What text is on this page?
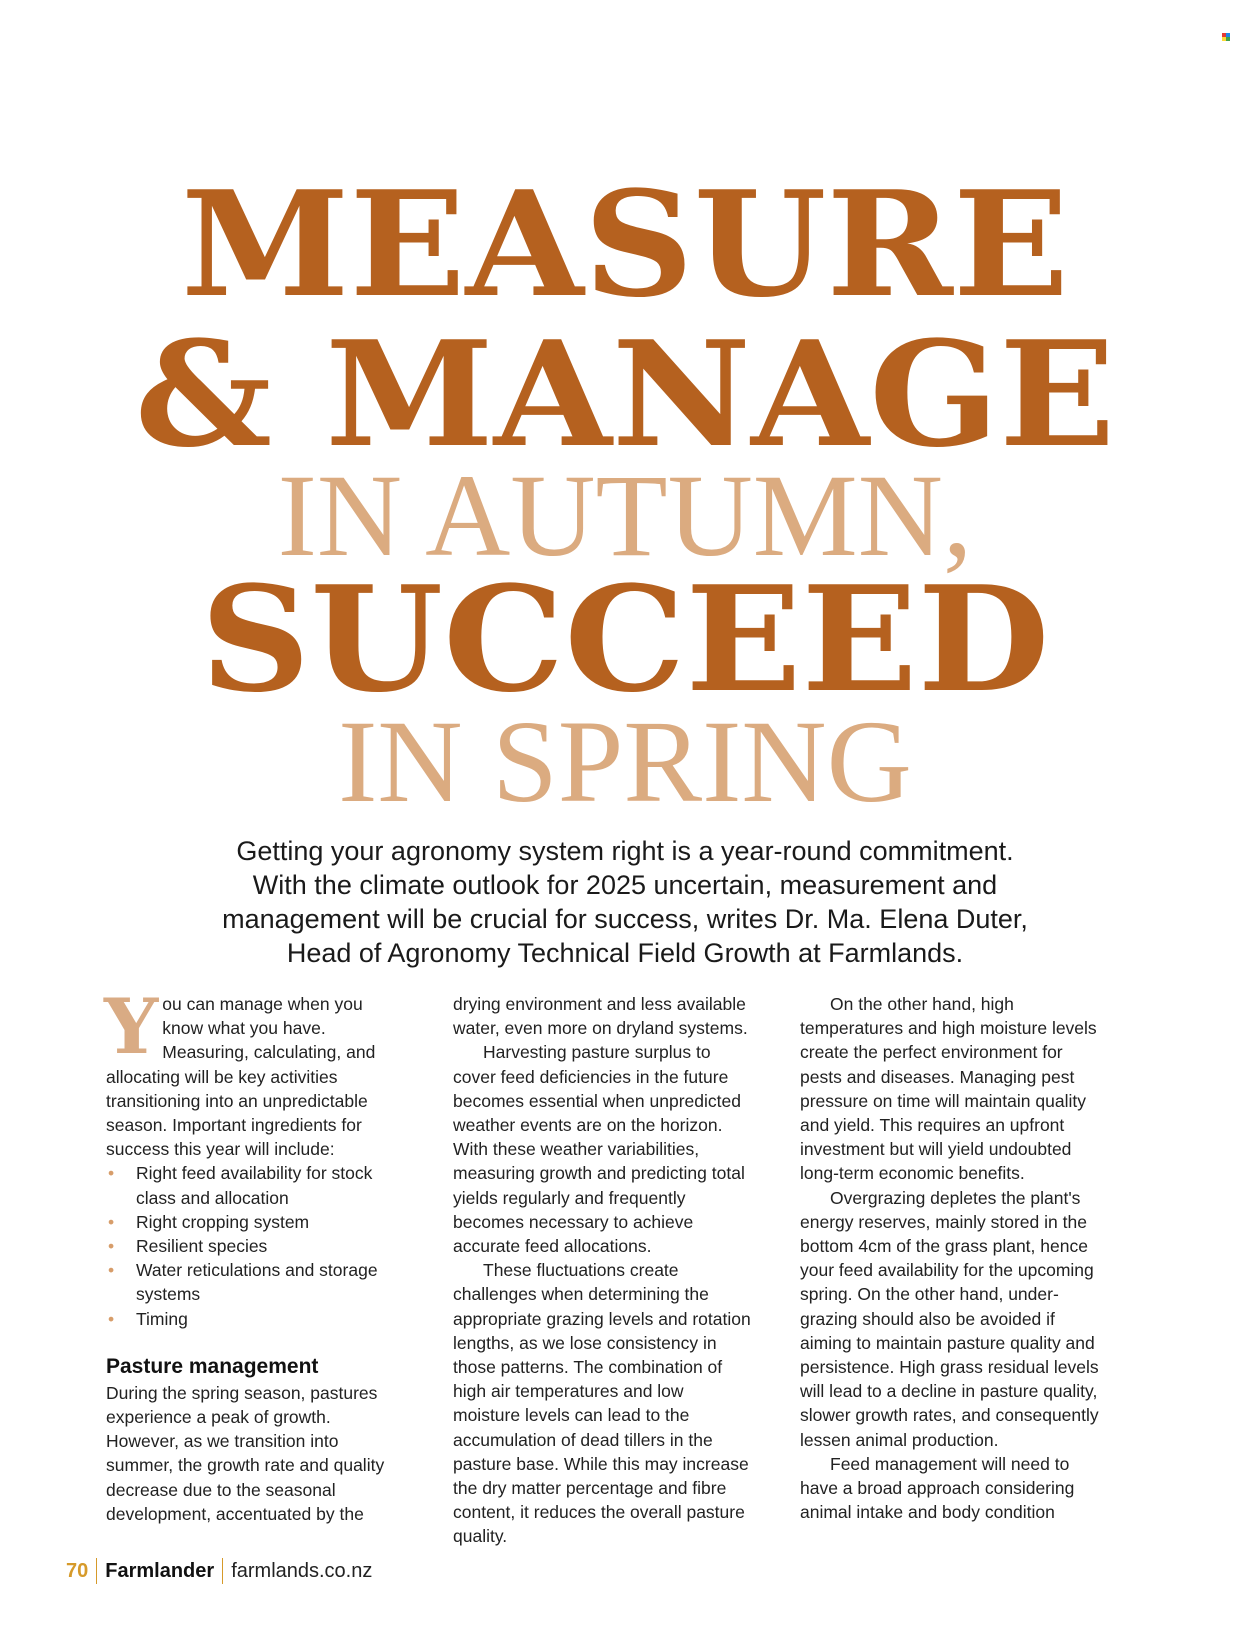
MEASURE
& MANAGE
IN AUTUMN,
SUCCEED
IN SPRING
Getting your agronomy system right is a year-round commitment.
With the climate outlook for 2025 uncertain, measurement and
management will be crucial for success, writes Dr. Ma. Elena Duter,
Head of Agronomy Technical Field Growth at Farmlands.

Y ou can manage when you know what you have. Measuring, calculating, and allocating will be key activities transitioning into an unpredictable season. Important ingredients for success this year will include:

• Right feed availability for stock class and allocation
• Right cropping system
• Resilient species
• Water reticulations and storage systems
• Timing
Pasture management

During the spring season, pastures experience a peak of growth. However, as we transition into summer, the growth rate and quality decrease due to the seasonal development, accentuated by the

drying environment and less available water, even more on dryland systems.

Harvesting pasture surplus to cover feed deficiencies in the future becomes essential when unpredicted weather events are on the horizon. With these weather variabilities, measuring growth and predicting total yields regularly and frequently becomes necessary to achieve accurate feed allocations.

These fluctuations create challenges when determining the appropriate grazing levels and rotation lengths, as we lose consistency in those patterns. The combination of high air temperatures and low moisture levels can lead to the accumulation of dead tillers in the pasture base. While this may increase the dry matter percentage and fibre content, it reduces the overall pasture quality.

On the other hand, high temperatures and high moisture levels create the perfect environment for pests and diseases. Managing pest pressure on time will maintain quality and yield. This requires an upfront investment but will yield undoubted long-term economic benefits.

Overgrazing depletes the plant's energy reserves, mainly stored in the bottom 4cm of the grass plant, hence your feed availability for the upcoming spring. On the other hand, under-grazing should also be avoided if aiming to maintain pasture quality and persistence. High grass residual levels will lead to a decline in pasture quality, slower growth rates, and consequently lessen animal production.

Feed management will need to have a broad approach considering animal intake and body condition

70 Farmlander farmlands.co.nz
